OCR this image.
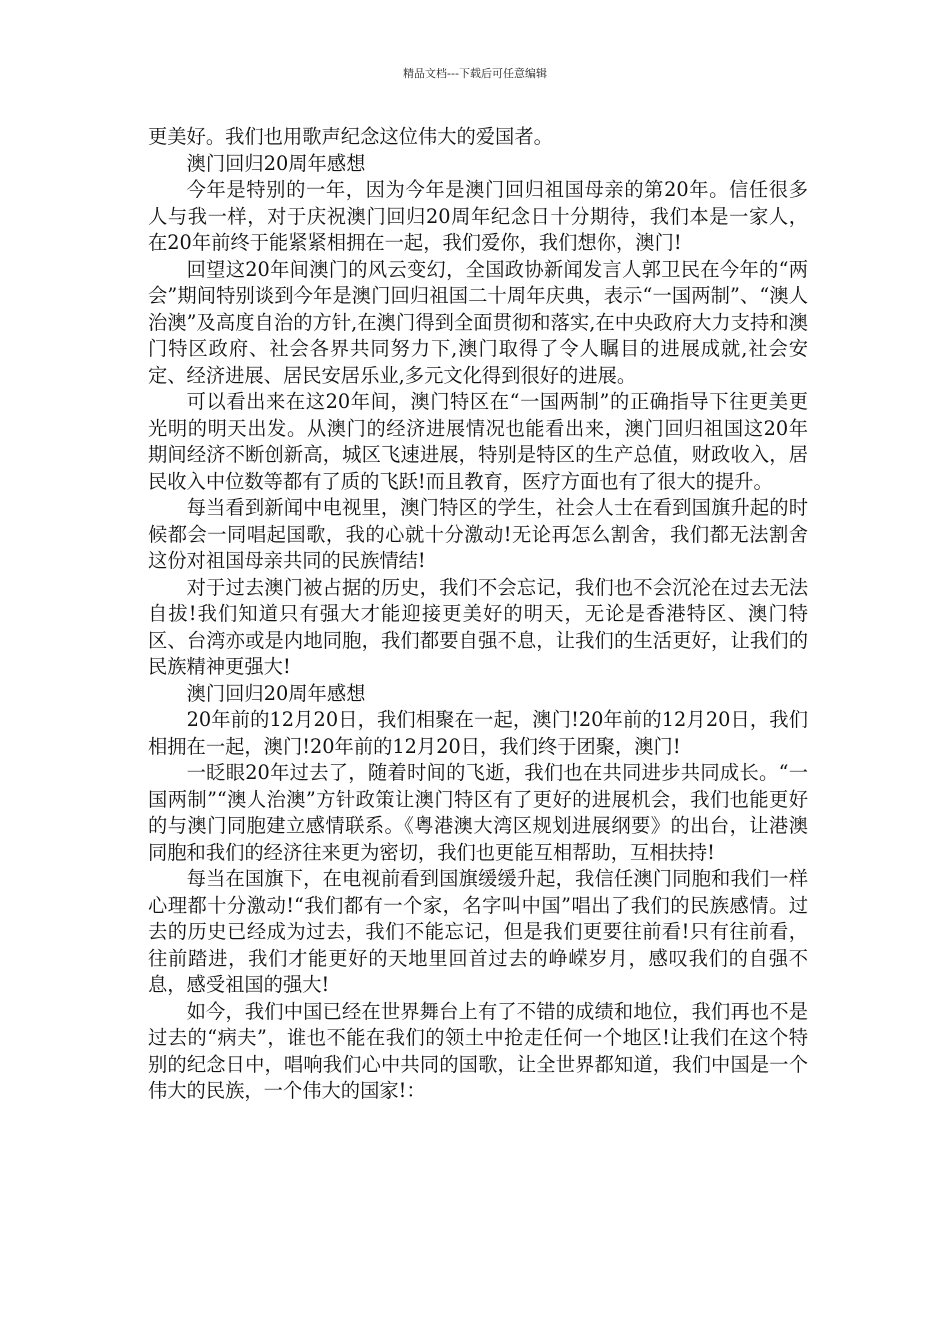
精品文档---下载后可任意编辑

更美好。我们也用歌声纪念这位伟大的爱国者。

澳门回归20周年感想

今年是特别的一年，因为今年是澳门回归祖国母亲的第20年。信任很多人与我一样，对于庆祝澳门回归20周年纪念日十分期待，我们本是一家人，在20年前终于能紧紧相拥在一起，我们爱你，我们想你，澳门!

回望这20年间澳门的风云变幻，全国政协新闻发言人郭卫民在今年的“两会”期间特别谈到今年是澳门回归祖国二十周年庆典，表示“一国两制”、“澳人治澳”及高度自治的方针,在澳门得到全面贯彻和落实,在中央政府大力支持和澳门特区政府、社会各界共同努力下,澳门取得了令人瞩目的进展成就,社会安定、经济进展、居民安居乐业,多元文化得到很好的进展。

可以看出来在这20年间，澳门特区在“一国两制”的正确指导下往更美更光明的明天出发。从澳门的经济进展情况也能看出来，澳门回归祖国这20年期间经济不断创新高，城区飞速进展，特别是特区的生产总值，财政收入，居民收入中位数等都有了质的飞跃!而且教育，医疗方面也有了很大的提升。

每当看到新闻中电视里，澳门特区的学生，社会人士在看到国旗升起的时候都会一同唱起国歌，我的心就十分激动!无论再怎么割舍，我们都无法割舍这份对祖国母亲共同的民族情结!

对于过去澳门被占据的历史，我们不会忘记，我们也不会沉沦在过去无法自拔!我们知道只有强大才能迎接更美好的明天，无论是香港特区、澳门特区、台湾亦或是内地同胞，我们都要自强不息，让我们的生活更好，让我们的民族精神更强大!

澳门回归20周年感想

20年前的12月20日，我们相聚在一起，澳门!20年前的12月20日，我们相拥在一起，澳门!20年前的12月20日，我们终于团聚，澳门!

一眨眼20年过去了，随着时间的飞逝，我们也在共同进步共同成长。“一国两制”“澳人治澳”方针政策让澳门特区有了更好的进展机会，我们也能更好的与澳门同胞建立感情联系。《粤港澳大湾区规划进展纲要》的出台，让港澳同胞和我们的经济往来更为密切，我们也更能互相帮助，互相扶持!

每当在国旗下，在电视前看到国旗缓缓升起，我信任澳门同胞和我们一样心理都十分激动!“我们都有一个家，名字叫中国”唱出了我们的民族感情。过去的历史已经成为过去，我们不能忘记，但是我们更要往前看!只有往前看，往前踏进，我们才能更好的天地里回首过去的峥嵘岁月，感叹我们的自强不息，感受祖国的强大!

如今，我们中国已经在世界舞台上有了不错的成绩和地位，我们再也不是过去的“病夫”，谁也不能在我们的领土中抢走任何一个地区!让我们在这个特别的纪念日中，唱响我们心中共同的国歌，让全世界都知道，我们中国是一个伟大的民族，一个伟大的国家!：
